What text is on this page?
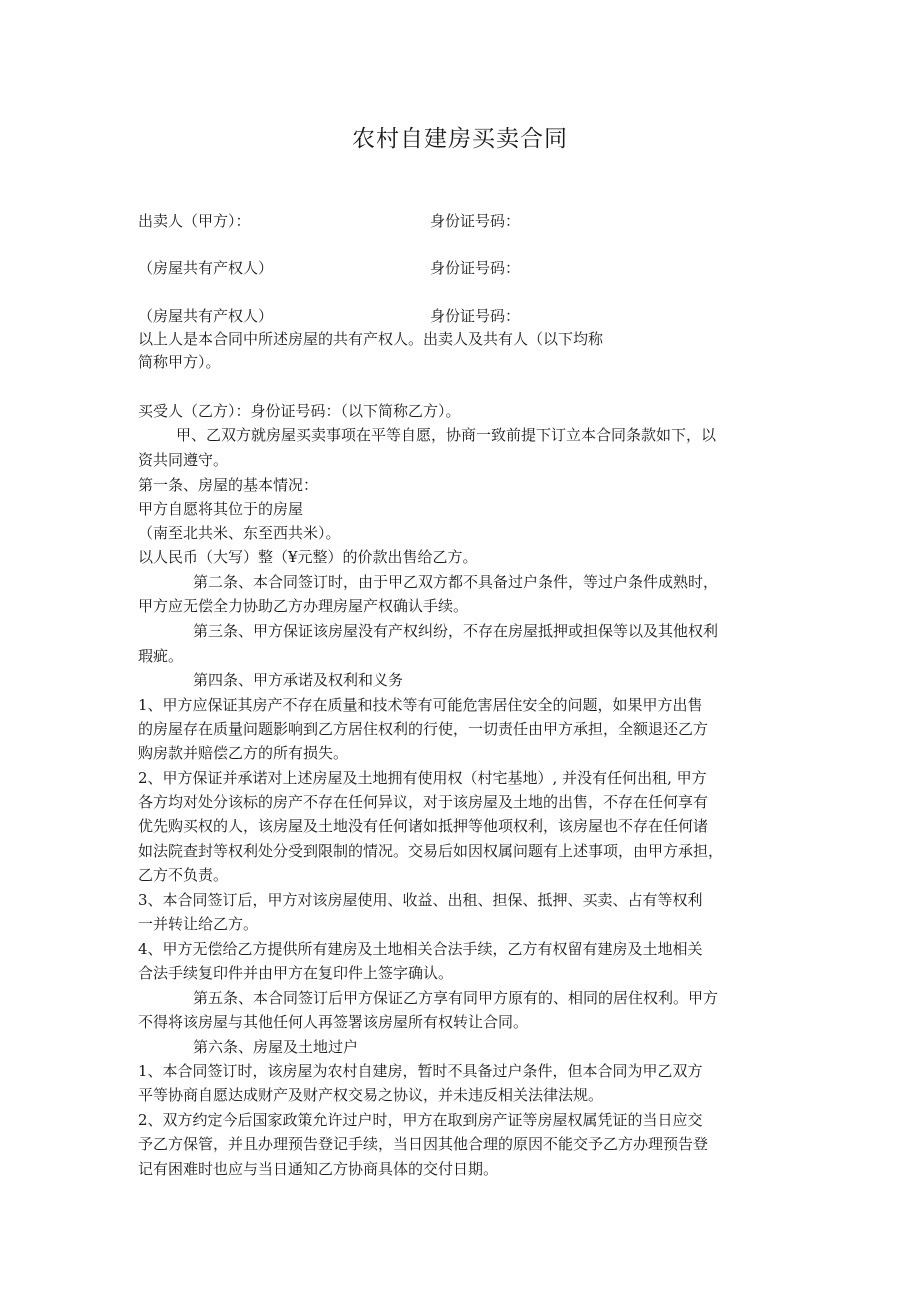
农村自建房买卖合同
出卖人（甲方）：	身份证号码：
（房屋共有产权人）	身份证号码：
（房屋共有产权人）	身份证号码：
以上人是本合同中所述房屋的共有产权人。出卖人及共有人（以下均称
简称甲方）。
买受人（乙方）：身份证号码：（以下简称乙方）。
甲、乙双方就房屋买卖事项在平等自愿，协商一致前提下订立本合同条款如下，以
资共同遵守。
第一条、房屋的基本情况：
甲方自愿将其位于的房屋
（南至北共米、东至西共米）。
以人民币（大写）整（¥元整）的价款出售给乙方。
第二条、本合同签订时，由于甲乙双方都不具备过户条件，等过户条件成熟时，
甲方应无偿全力协助乙方办理房屋产权确认手续。
第三条、甲方保证该房屋没有产权纠纷，不存在房屋抵押或担保等以及其他权利
瑕疵。
第四条、甲方承诺及权利和义务
1、甲方应保证其房产不存在质量和技术等有可能危害居住安全的问题，如果甲方出售
的房屋存在质量问题影响到乙方居住权利的行使，一切责任由甲方承担，全额退还乙方
购房款并赔偿乙方的所有损失。
2、甲方保证并承诺对上述房屋及土地拥有使用权（村宅基地）, 并没有任何出租, 甲方
各方均对处分该标的房产不存在任何异议，对于该房屋及土地的出售，不存在任何享有
优先购买权的人，该房屋及土地没有任何诸如抵押等他项权利，该房屋也不存在任何诸
如法院查封等权利处分受到限制的情况。交易后如因权属问题有上述事项，由甲方承担，
乙方不负责。
3、本合同签订后，甲方对该房屋使用、收益、出租、担保、抵押、买卖、占有等权利
一并转让给乙方。
4、甲方无偿给乙方提供所有建房及土地相关合法手续，乙方有权留有建房及土地相关
合法手续复印件并由甲方在复印件上签字确认。
第五条、本合同签订后甲方保证乙方享有同甲方原有的、相同的居住权利。甲方
不得将该房屋与其他任何人再签署该房屋所有权转让合同。
第六条、房屋及土地过户
1、本合同签订时，该房屋为农村自建房，暂时不具备过户条件，但本合同为甲乙双方
平等协商自愿达成财产及财产权交易之协议，并未违反相关法律法规。
2、双方约定今后国家政策允许过户时，甲方在取到房产证等房屋权属凭证的当日应交
予乙方保管，并且办理预告登记手续，当日因其他合理的原因不能交予乙方办理预告登
记有困难时也应与当日通知乙方协商具体的交付日期。
